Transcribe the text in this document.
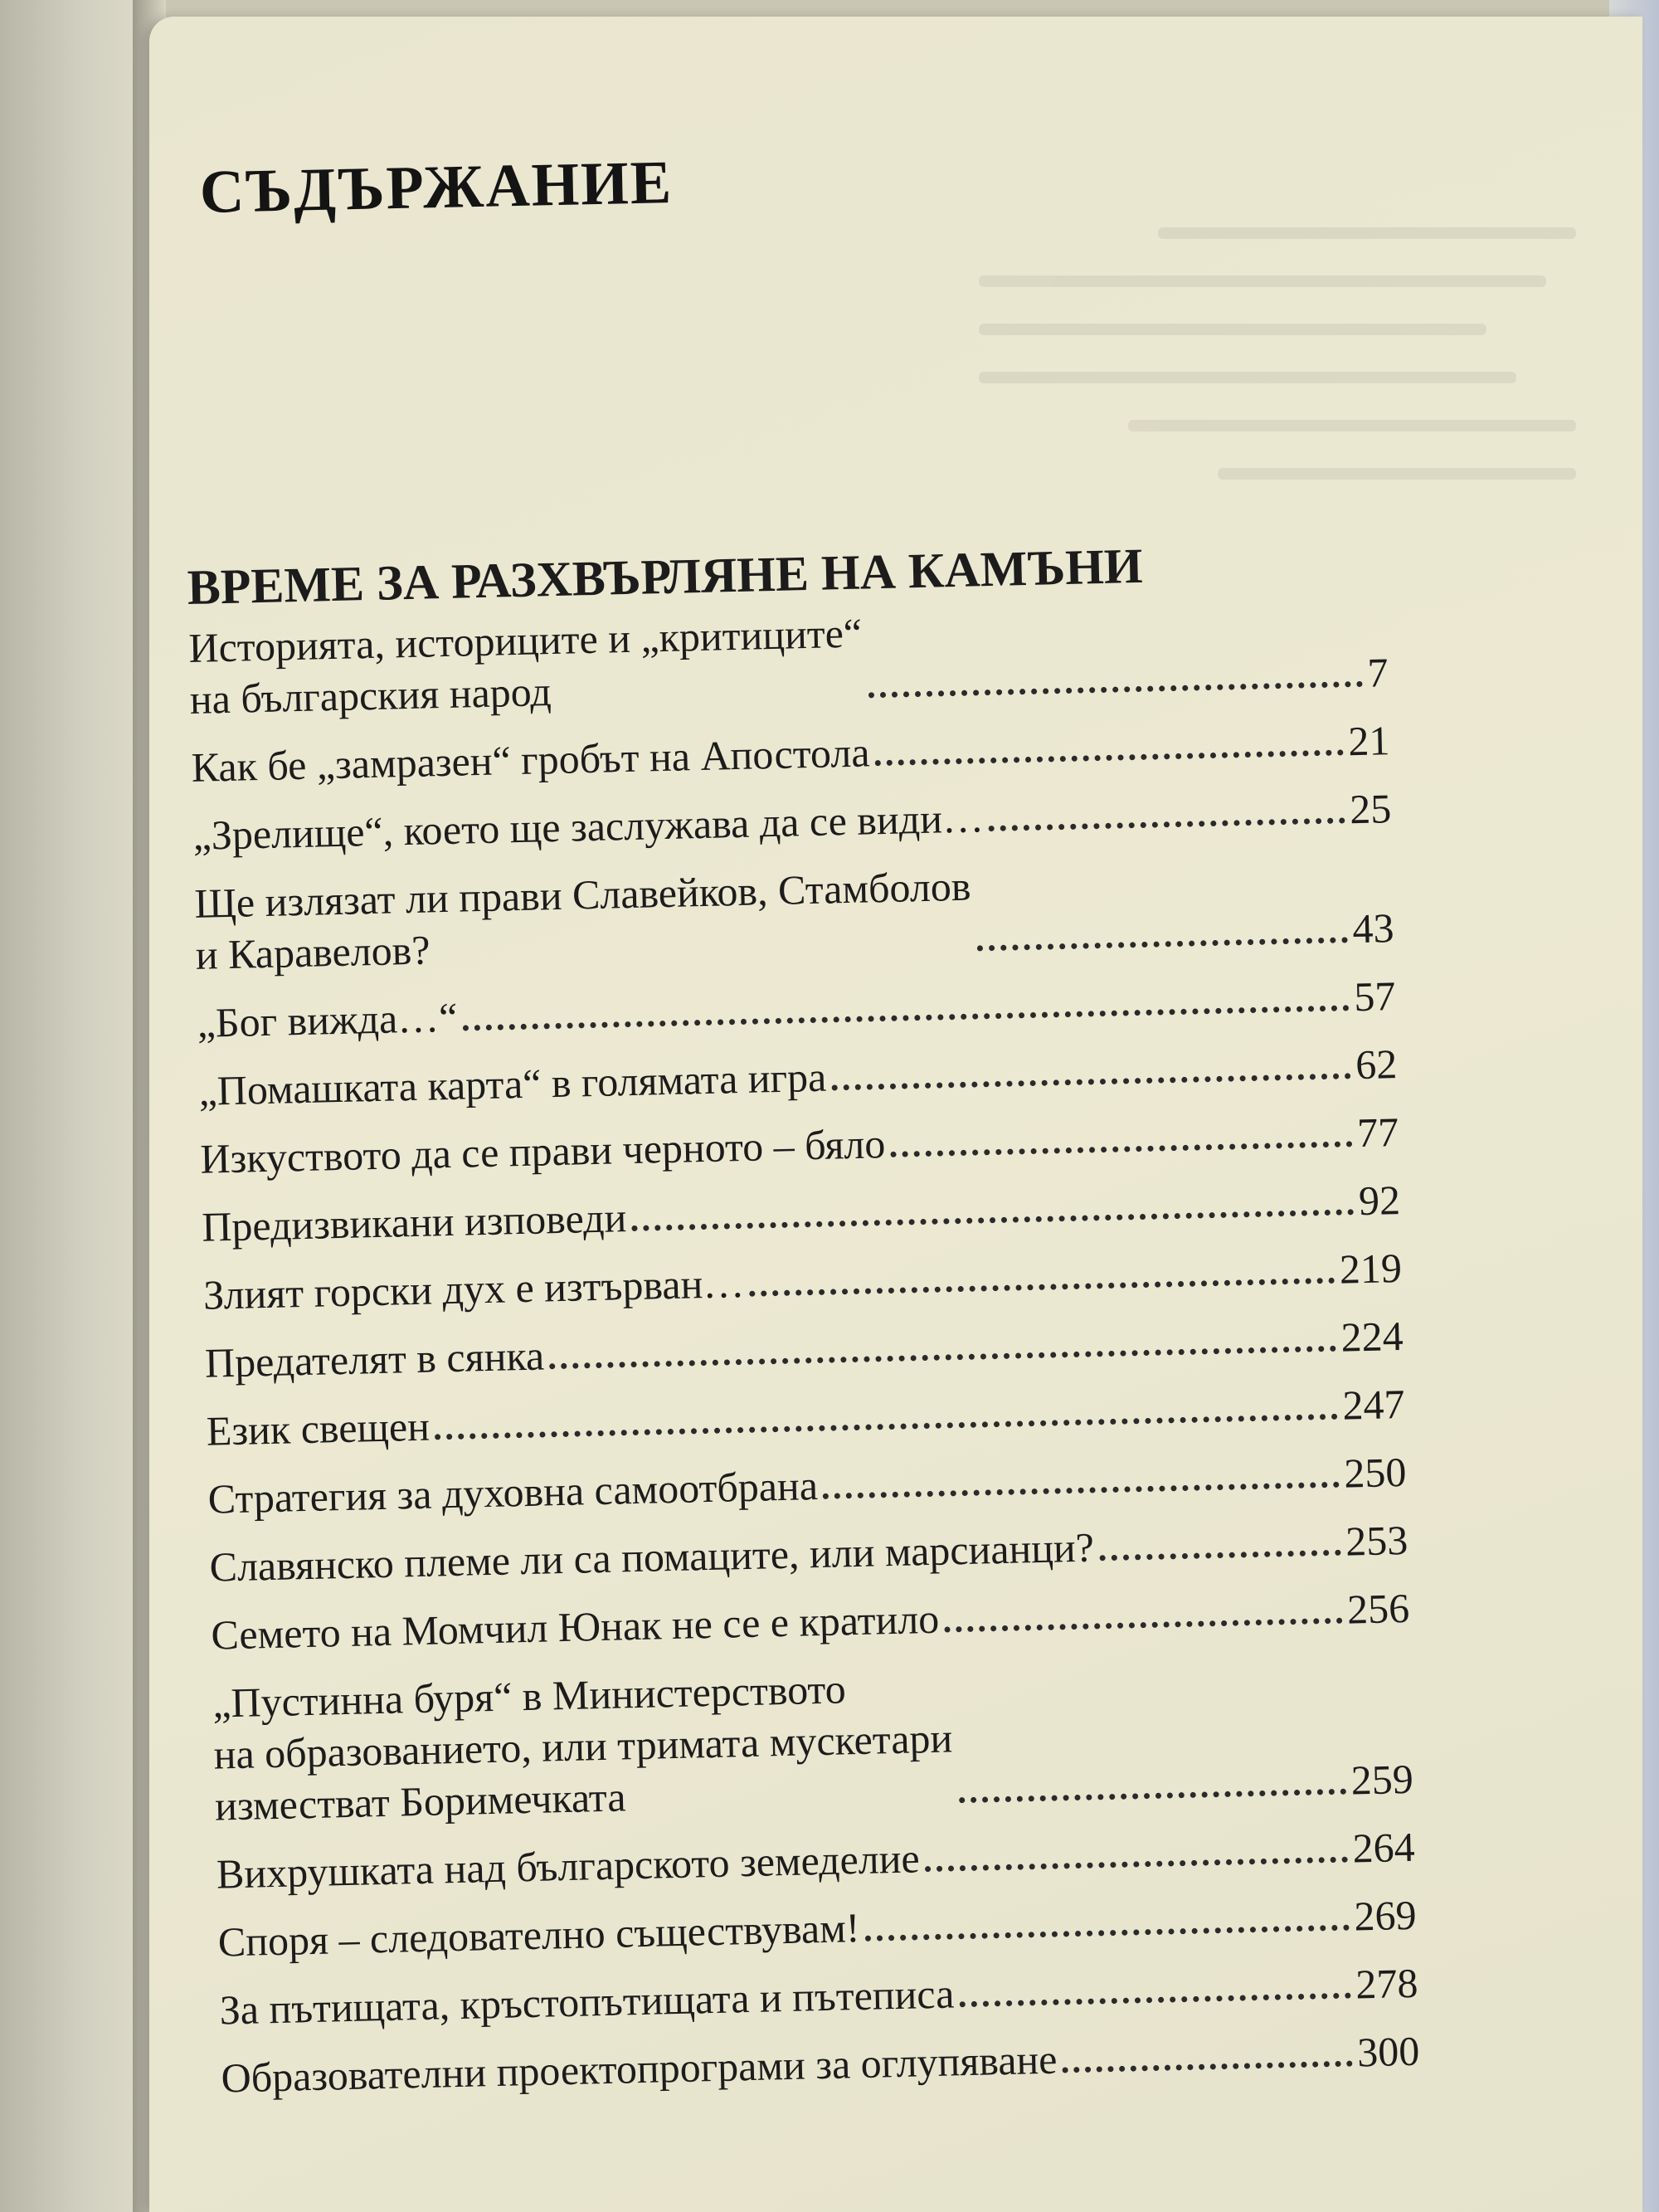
СЪДЪРЖАНИЕ
ВРЕМЕ ЗА РАЗХВЪРЛЯНЕ НА КАМЪНИ
Историята, историците и „критиците“
на българския народ	7
Как бе „замразен“ гробът на Апостола	21
„Зрелище“, което ще заслужава да се види…	25
Ще излязат ли прави Славейков, Стамболов
и Каравелов?	43
„Бог вижда…“	57
„Помашката карта“ в голямата игра	62
Изкуството да се прави черното – бяло	77
Предизвикани изповеди	92
Злият горски дух е изтърван…	219
Предателят в сянка	224
Език свещен	247
Стратегия за духовна самоотбрана	250
Славянско племе ли са помаците, или марсианци?	253
Семето на Момчил Юнак не се е кратило	256
„Пустинна буря“ в Министерството
на образованието, или тримата мускетари
изместват Боримечката	259
Вихрушката над българското земеделие	264
Споря – следователно съществувам!	269
За пътищата, кръстопътищата и пътеписа	278
Образователни проектопрограми за оглупяване	300
